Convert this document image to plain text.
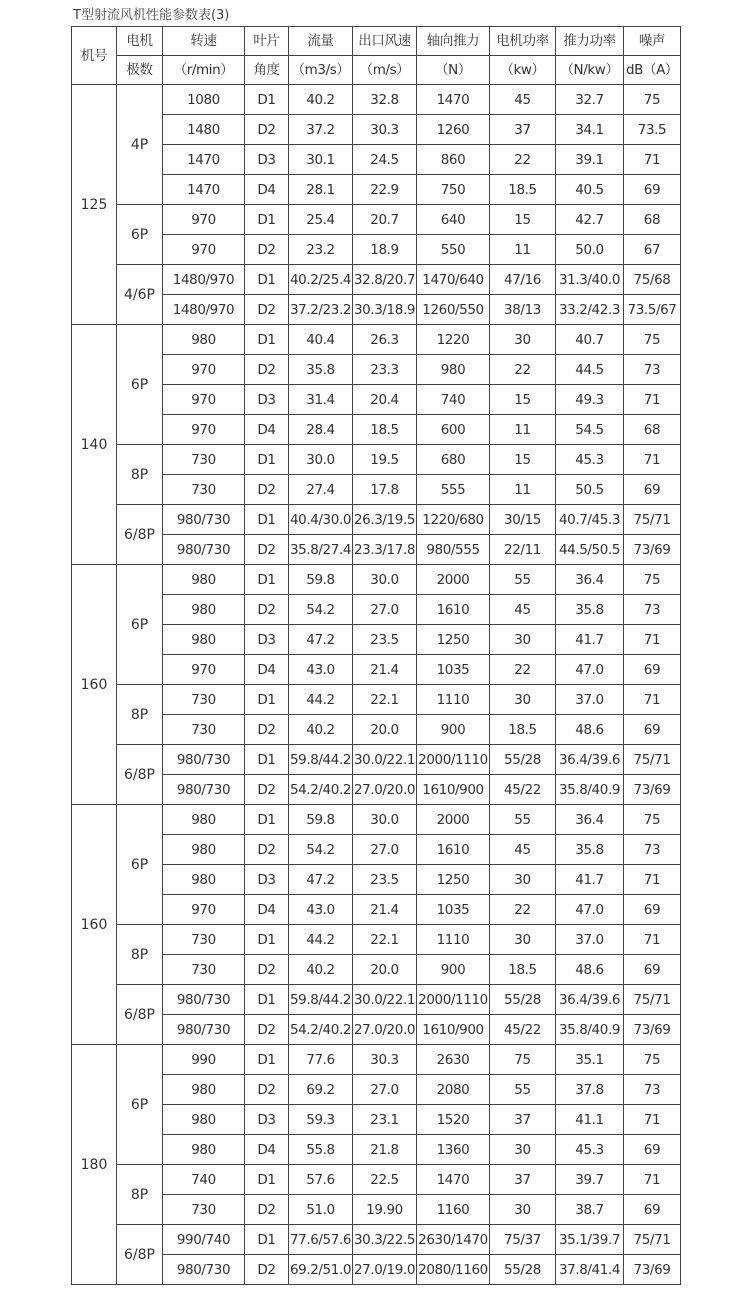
T型射流风机性能参数表(3)
机号	电机	转速	叶片	流量	出口风速	轴向推力	电机功率	推力功率	噪声
	极数	（r/min）	角度	（m3/s）	（m/s）	（N）	（kw）	（N/kw）	dB（A）
125	4P	1080	D1	40.2	32.8	1470	45	32.7	75
		1480	D2	37.2	30.3	1260	37	34.1	73.5
		1470	D3	30.1	24.5	860	22	39.1	71
		1470	D4	28.1	22.9	750	18.5	40.5	69
	6P	970	D1	25.4	20.7	640	15	42.7	68
		970	D2	23.2	18.9	550	11	50.0	67
	4/6P	1480/970	D1	40.2/25.4	32.8/20.7	1470/640	47/16	31.3/40.0	75/68
		1480/970	D2	37.2/23.2	30.3/18.9	1260/550	38/13	33.2/42.3	73.5/67
140	6P	980	D1	40.4	26.3	1220	30	40.7	75
		970	D2	35.8	23.3	980	22	44.5	73
		970	D3	31.4	20.4	740	15	49.3	71
		970	D4	28.4	18.5	600	11	54.5	68
	8P	730	D1	30.0	19.5	680	15	45.3	71
		730	D2	27.4	17.8	555	11	50.5	69
	6/8P	980/730	D1	40.4/30.0	26.3/19.5	1220/680	30/15	40.7/45.3	75/71
		980/730	D2	35.8/27.4	23.3/17.8	980/555	22/11	44.5/50.5	73/69
160	6P	980	D1	59.8	30.0	2000	55	36.4	75
		980	D2	54.2	27.0	1610	45	35.8	73
		980	D3	47.2	23.5	1250	30	41.7	71
		970	D4	43.0	21.4	1035	22	47.0	69
	8P	730	D1	44.2	22.1	1110	30	37.0	71
		730	D2	40.2	20.0	900	18.5	48.6	69
	6/8P	980/730	D1	59.8/44.2	30.0/22.1	2000/1110	55/28	36.4/39.6	75/71
		980/730	D2	54.2/40.2	27.0/20.0	1610/900	45/22	35.8/40.9	73/69
160	6P	980	D1	59.8	30.0	2000	55	36.4	75
		980	D2	54.2	27.0	1610	45	35.8	73
		980	D3	47.2	23.5	1250	30	41.7	71
		970	D4	43.0	21.4	1035	22	47.0	69
	8P	730	D1	44.2	22.1	1110	30	37.0	71
		730	D2	40.2	20.0	900	18.5	48.6	69
	6/8P	980/730	D1	59.8/44.2	30.0/22.1	2000/1110	55/28	36.4/39.6	75/71
		980/730	D2	54.2/40.2	27.0/20.0	1610/900	45/22	35.8/40.9	73/69
180	6P	990	D1	77.6	30.3	2630	75	35.1	75
		980	D2	69.2	27.0	2080	55	37.8	73
		980	D3	59.3	23.1	1520	37	41.1	71
		980	D4	55.8	21.8	1360	30	45.3	69
	8P	740	D1	57.6	22.5	1470	37	39.7	71
		730	D2	51.0	19.90	1160	30	38.7	69
	6/8P	990/740	D1	77.6/57.6	30.3/22.5	2630/1470	75/37	35.1/39.7	75/71
		980/730	D2	69.2/51.0	27.0/19.0	2080/1160	55/28	37.8/41.4	73/69
